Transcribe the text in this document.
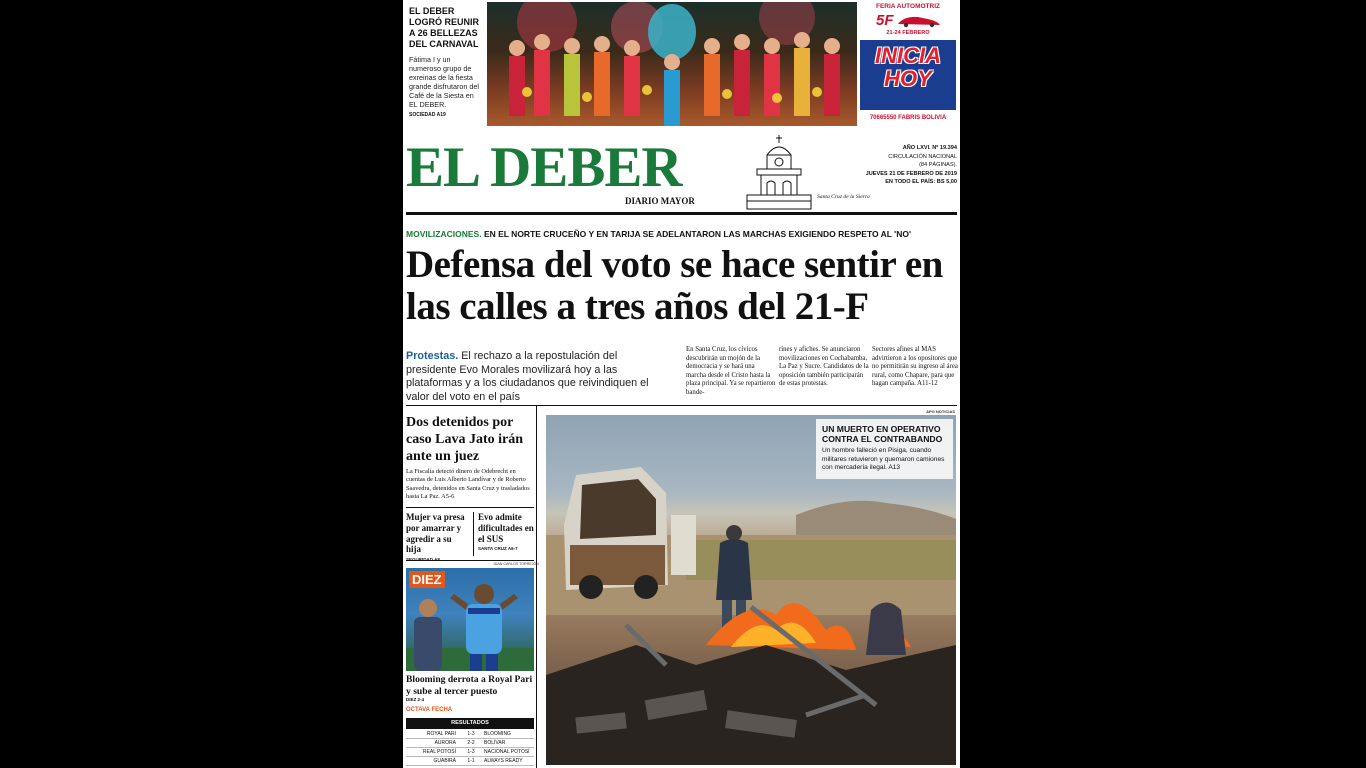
EL DEBER LOGRÓ REUNIR A 26 BELLEZAS DEL CARNAVAL
Fátima I y un numeroso grupo de exreinas de la fiesta grande disfrutaron del Café de la Siesta en EL DEBER.
SOCIEDAD A19
FERIA AUTOMOTRIZ
5F
21-24 FEBRERO
INICIA HOY
70665550 FABRIS BOLIVIA
EL DEBER
DIARIO MAYOR	Santa Cruz de la Sierra
AÑO LXVI. Nº 19.394
CIRCULACIÓN NACIONAL
(84 PÁGINAS).
JUEVES 21 DE FEBRERO DE 2019
EN TODO EL PAÍS: BS 5,00
MOVILIZACIONES. EN EL NORTE CRUCEÑO Y EN TARIJA SE ADELANTARON LAS MARCHAS EXIGIENDO RESPETO AL 'NO'
Defensa del voto se hace sentir en las calles a tres años del 21-F
Protestas. El rechazo a la repostulación del presidente Evo Morales movilizará hoy a las plataformas y a los ciudadanos que reivindiquen el valor del voto en el país
En Santa Cruz, los cívicos descubrirán un mojón de la democracia y se hará una marcha desde el Cristo hasta la plaza principal. Ya se repartieron bande-
rines y afiches. Se anunciaron movilizaciones en Cochabamba, La Paz y Sucre. Candidatos de la oposición también participarán de estas protestas.
Sectores afines al MAS advirtieron a los opositores que no permitirán su ingreso al área rural, como Chapare, para que hagan campaña. A11-12
APG NOTICIAS
Dos detenidos por caso Lava Jato irán ante un juez
La Fiscalía detectó dinero de Odebrecht en cuentas de Luis Alberto Landívar y de Roberto Saavedra, detenidos en Santa Cruz y trasladados hasta La Paz. A5-6
Mujer va presa por amarrar y agredir a su hija
Evo admite dificultades en el SUS
SANTA CRUZ A6-7
JUAN CARLOS TORREJÓN
DIEZ
Blooming derrota a Royal Pari y sube al tercer puesto
DIEZ 2-4
OCTAVA FECHA
RESULTADOS
ROYAL PARI	1-3	BLOOMING
AURORA	2-2	BOLÍVAR
REAL POTOSÍ	1-3	NACIONAL POTOSÍ
GUABIRÁ	1-1	ALWAYS READY
UN MUERTO EN OPERATIVO CONTRA EL CONTRABANDO
Un hombre falleció en Pisiga, cuando militares retuvieron y quemaron camiones con mercadería ilegal. A13
